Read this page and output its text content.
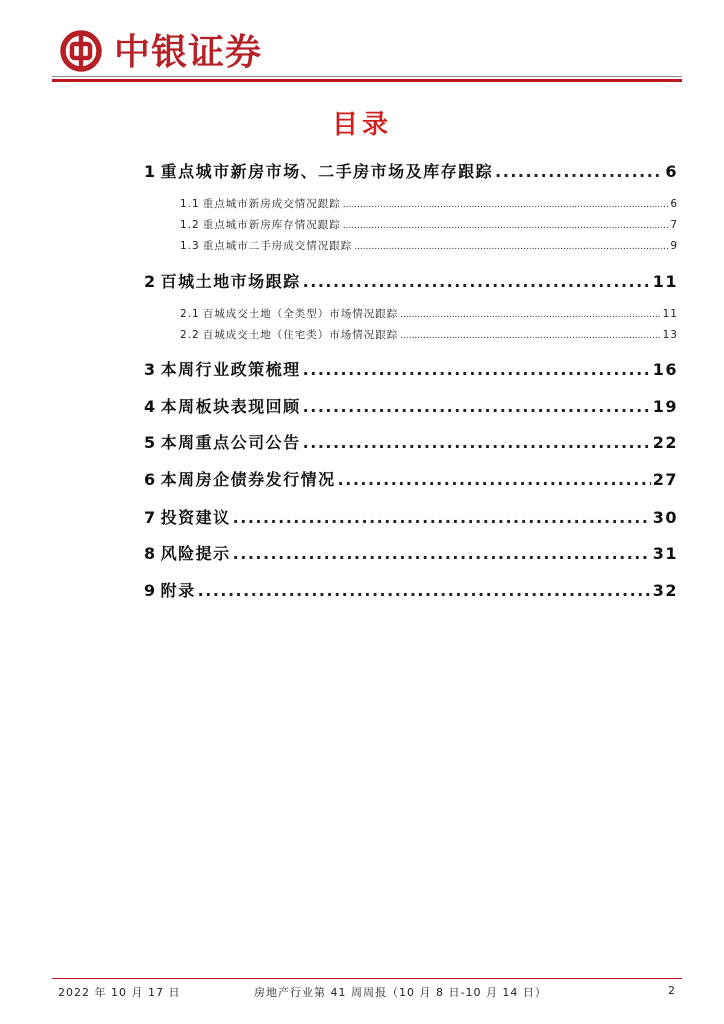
中银证券
目录
1 重点城市新房市场、二手房市场及库存跟踪 .....	6
1.1 重点城市新房成交情况跟踪 .....	6
1.2 重点城市新房库存情况跟踪 .....	7
1.3 重点城市二手房成交情况跟踪 .....	9
2 百城土地市场跟踪 .....	11
2.1 百城成交土地（全类型）市场情况跟踪 .....	11
2.2 百城成交土地（住宅类）市场情况跟踪 .....	13
3 本周行业政策梳理 .....	16
4 本周板块表现回顾 .....	19
5 本周重点公司公告 .....	22
6 本周房企债券发行情况 .....	27
7 投资建议 .....	30
8 风险提示 .....	31
9 附录 .....	32
2022 年 10 月 17 日	房地产行业第 41 周周报（10 月 8 日-10 月 14 日）	2
